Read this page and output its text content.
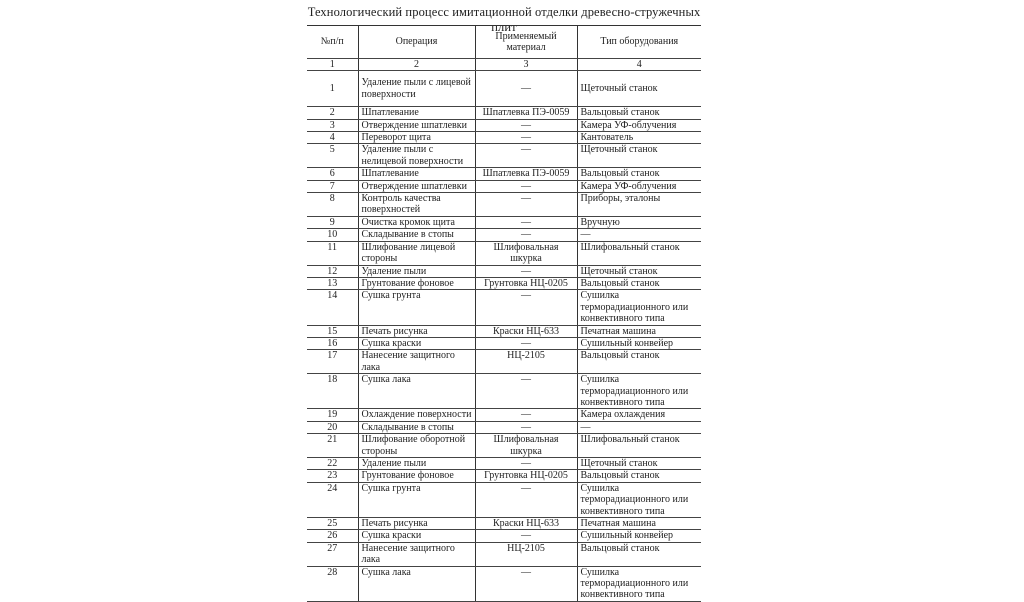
Технологический процесс имитационной отделки древесно-стружечных плит
№п/п	Операция	Применяемый материал	Тип оборудования
1	2	3	4
1	Удаление пыли с лицевой поверхности	—	Щеточный станок
2	Шпатлевание	Шпатлевка ПЭ-0059	Вальцовый станок
3	Отверждение шпатлевки	—	Камера УФ-облучения
4	Переворот щита	—	Кантователь
5	Удаление пыли с нелицевой поверхности	—	Щеточный станок
6	Шпатлевание	Шпатлевка ПЭ-0059	Вальцовый станок
7	Отверждение шпатлевки	—	Камера УФ-облучения
8	Контроль качества поверхностей	—	Приборы, эталоны
9	Очистка кромок щита	—	Вручную
10	Складывание в стопы	—	—
11	Шлифование лицевой стороны	Шлифовальная шкурка	Шлифовальный станок
12	Удаление пыли	—	Щеточный станок
13	Грунтование фоновое	Грунтовка НЦ-0205	Вальцовый станок
14	Сушка грунта	—	Сушилка терморадиационного или конвективного типа
15	Печать рисунка	Краски НЦ-633	Печатная машина
16	Сушка краски	—	Сушильный конвейер
17	Нанесение защитного лака	НЦ-2105	Вальцовый станок
18	Сушка лака	—	Сушилка терморадиационного или конвективного типа
19	Охлаждение поверхности	—	Камера охлаждения
20	Складывание в стопы	—	—
21	Шлифование оборотной стороны	Шлифовальная шкурка	Шлифовальный станок
22	Удаление пыли	—	Щеточный станок
23	Грунтование фоновое	Грунтовка НЦ-0205	Вальцовый станок
24	Сушка грунта	—	Сушилка терморадиационного или конвективного типа
25	Печать рисунка	Краски НЦ-633	Печатная машина
26	Сушка краски	—	Сушильный конвейер
27	Нанесение защитного лака	НЦ-2105	Вальцовый станок
28	Сушка лака	—	Сушилка терморадиационного или конвективного типа
